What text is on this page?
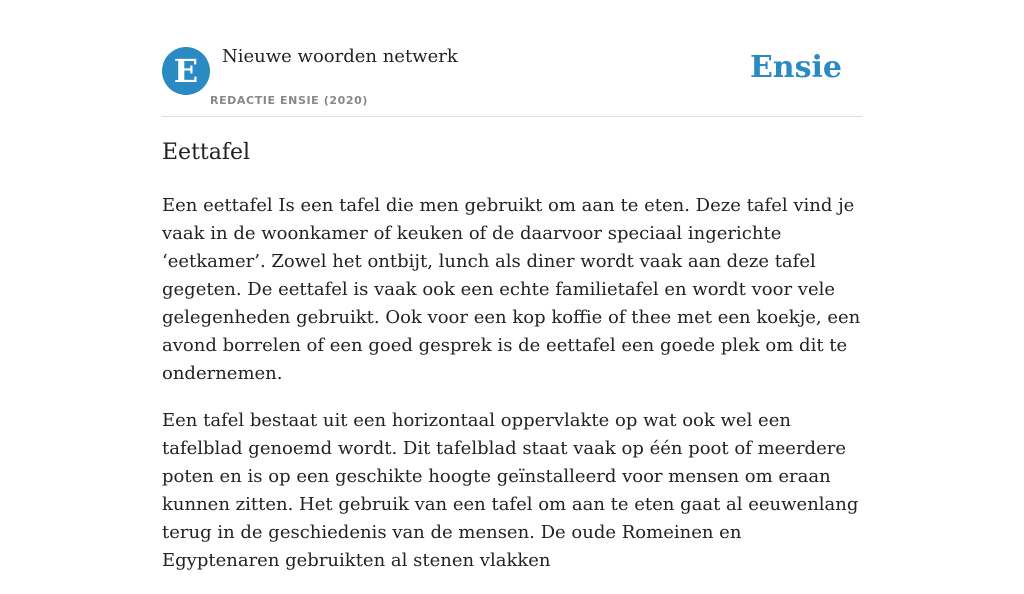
E	Nieuwe woorden netwerk
REDACTIE ENSIE (2020)
Ensie
Eettafel

Een eettafel Is een tafel die men gebruikt om aan te eten. Deze tafel vind je vaak in de woonkamer of keuken of de daarvoor speciaal ingerichte ‘eetkamer’. Zowel het ontbijt, lunch als diner wordt vaak aan deze tafel gegeten. De eettafel is vaak ook een echte familietafel en wordt voor vele gelegenheden gebruikt. Ook voor een kop koffie of thee met een koekje, een avond borrelen of een goed gesprek is de eettafel een goede plek om dit te ondernemen.

Een tafel bestaat uit een horizontaal oppervlakte op wat ook wel een tafelblad genoemd wordt. Dit tafelblad staat vaak op één poot of meerdere poten en is op een geschikte hoogte geïnstalleerd voor mensen om eraan kunnen zitten. Het gebruik van een tafel om aan te eten gaat al eeuwenlang terug in de geschiedenis van de mensen. De oude Romeinen en Egyptenaren gebruikten al stenen vlakken
